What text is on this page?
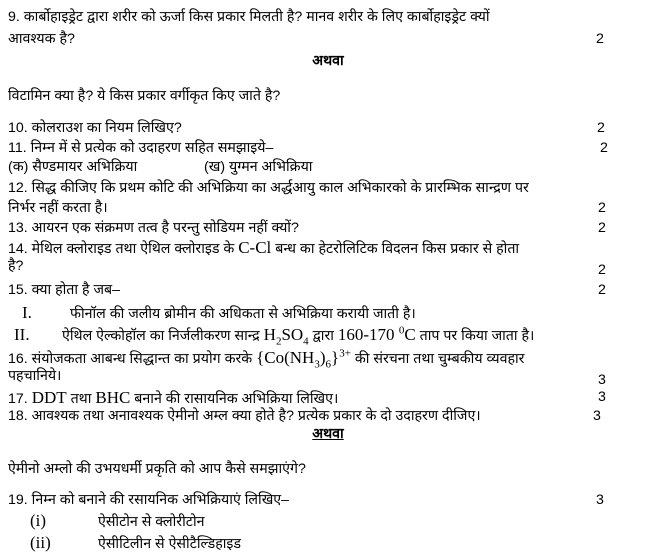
9. कार्बोहाइड्रेट द्वारा शरीर को ऊर्जा किस प्रकार मिलती है? मानव शरीर के लिए कार्बोहाइड्रेट क्यों
आवश्यक है?	2
अथवा
विटामिन क्या है? ये किस प्रकार वर्गीकृत किए जाते है?
10. कोलराउश का नियम लिखिए?	2
11. निम्न में से प्रत्येक को उदाहरण सहित समझाइये–	2
(क) सैण्डमायर अभिक्रिया	(ख) युग्मन अभिक्रिया
12. सिद्ध कीजिए कि प्रथम कोटि की अभिक्रिया का अर्द्धआयु काल अभिकारको के प्रारम्भिक सान्द्रण पर
निर्भर नहीं करता है।	2
13. आयरन एक संक्रमण तत्व है परन्तु सोडियम नहीं क्यों?	2
14. मेथिल क्लोराइड तथा ऐथिल क्लोराइड के C-Cl बन्ध का हेटरोलिटिक विदलन किस प्रकार से होता
है?	2
15. क्या होता है जब–	2
I.	फीनॉल की जलीय ब्रोमीन की अधिकता से अभिक्रिया करायी जाती है।
II. ऐथिल ऐल्कोहॉल का निर्जलीकरण सान्द्र $H_2SO_4$ द्वारा 160-170 $^0$C ताप पर किया जाता है।
16. संयोजकता आबन्ध सिद्धान्त का प्रयोग करके $\{Co(NH_3)_6\}^{3+}$ की संरचना तथा चुम्बकीय व्यवहार
पहचानिये।	3
17. DDT तथा BHC बनाने की रासायनिक अभिक्रिया लिखिए।	3
18. आवश्यक तथा अनावश्यक ऐमीनो अम्ल क्या होते है? प्रत्येक प्रकार के दो उदाहरण दीजिए।	3
अथवा
ऐमीनो अम्लो की उभयधर्मी प्रकृति को आप कैसे समझाएंगे?
19. निम्न को बनाने की रसायनिक अभिक्रियाएं लिखिए–	3
(i)	ऐसीटोन से क्लोरीटोन
(ii)	ऐसीटिलीन से ऐसीटैल्डिहाइड
